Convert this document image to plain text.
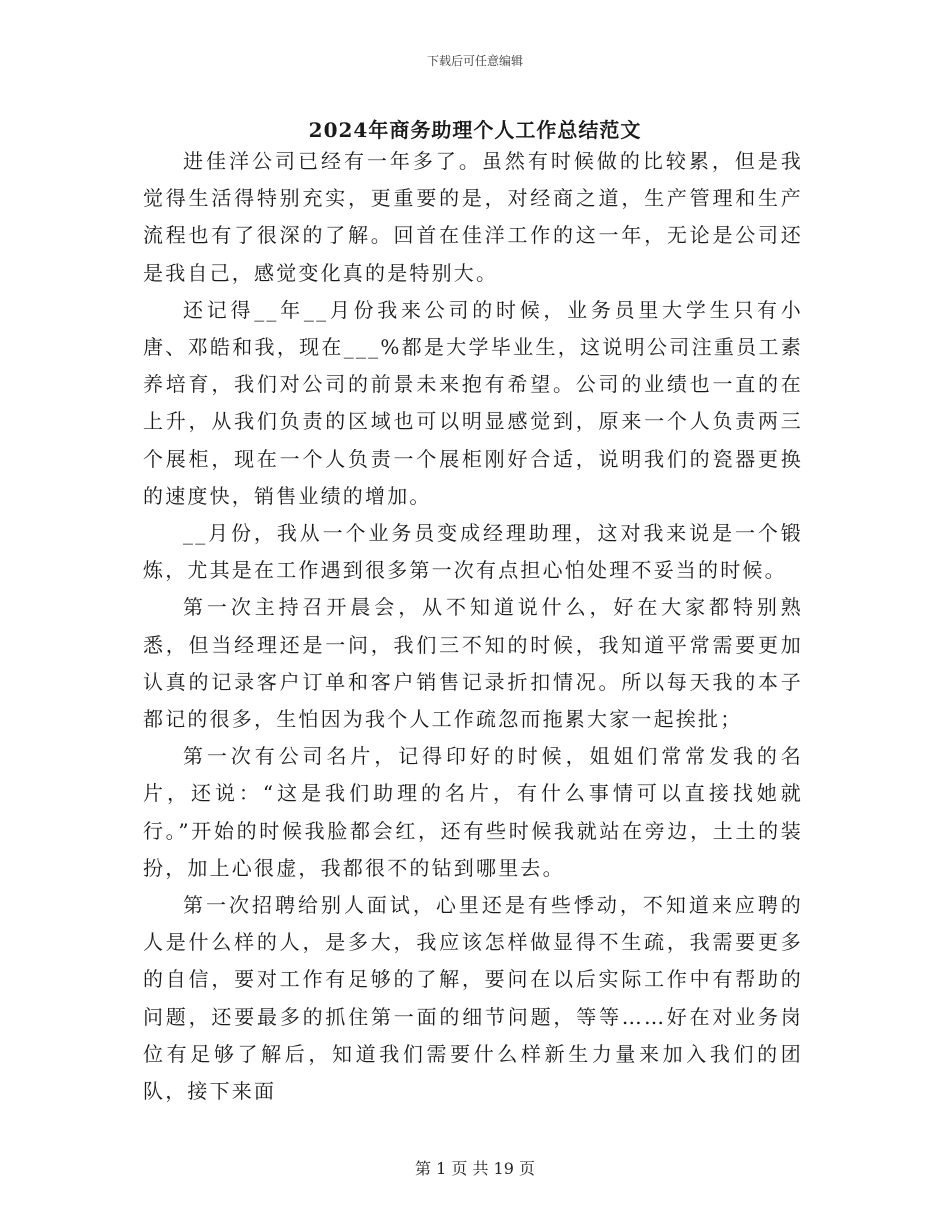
下载后可任意编辑
2024年商务助理个人工作总结范文

进佳洋公司已经有一年多了。虽然有时候做的比较累，但是我觉得生活得特别充实，更重要的是，对经商之道，生产管理和生产流程也有了很深的了解。回首在佳洋工作的这一年，无论是公司还是我自己，感觉变化真的是特别大。

还记得__年__月份我来公司的时候，业务员里大学生只有小唐、邓皓和我，现在___%都是大学毕业生，这说明公司注重员工素养培育，我们对公司的前景未来抱有希望。公司的业绩也一直的在上升，从我们负责的区域也可以明显感觉到，原来一个人负责两三个展柜，现在一个人负责一个展柜刚好合适，说明我们的瓷器更换的速度快，销售业绩的增加。

__月份，我从一个业务员变成经理助理，这对我来说是一个锻炼，尤其是在工作遇到很多第一次有点担心怕处理不妥当的时候。

第一次主持召开晨会，从不知道说什么，好在大家都特别熟悉，但当经理还是一问，我们三不知的时候，我知道平常需要更加认真的记录客户订单和客户销售记录折扣情况。所以每天我的本子都记的很多，生怕因为我个人工作疏忽而拖累大家一起挨批；

第一次有公司名片，记得印好的时候，姐姐们常常发我的名片，还说：“这是我们助理的名片，有什么事情可以直接找她就行。”开始的时候我脸都会红，还有些时候我就站在旁边，土土的装扮，加上心很虚，我都很不的钻到哪里去。

第一次招聘给别人面试，心里还是有些悸动，不知道来应聘的人是什么样的人，是多大，我应该怎样做显得不生疏，我需要更多的自信，要对工作有足够的了解，要问在以后实际工作中有帮助的问题，还要最多的抓住第一面的细节问题，等等……好在对业务岗位有足够了解后，知道我们需要什么样新生力量来加入我们的团队，接下来面

第 1 页 共 19 页
